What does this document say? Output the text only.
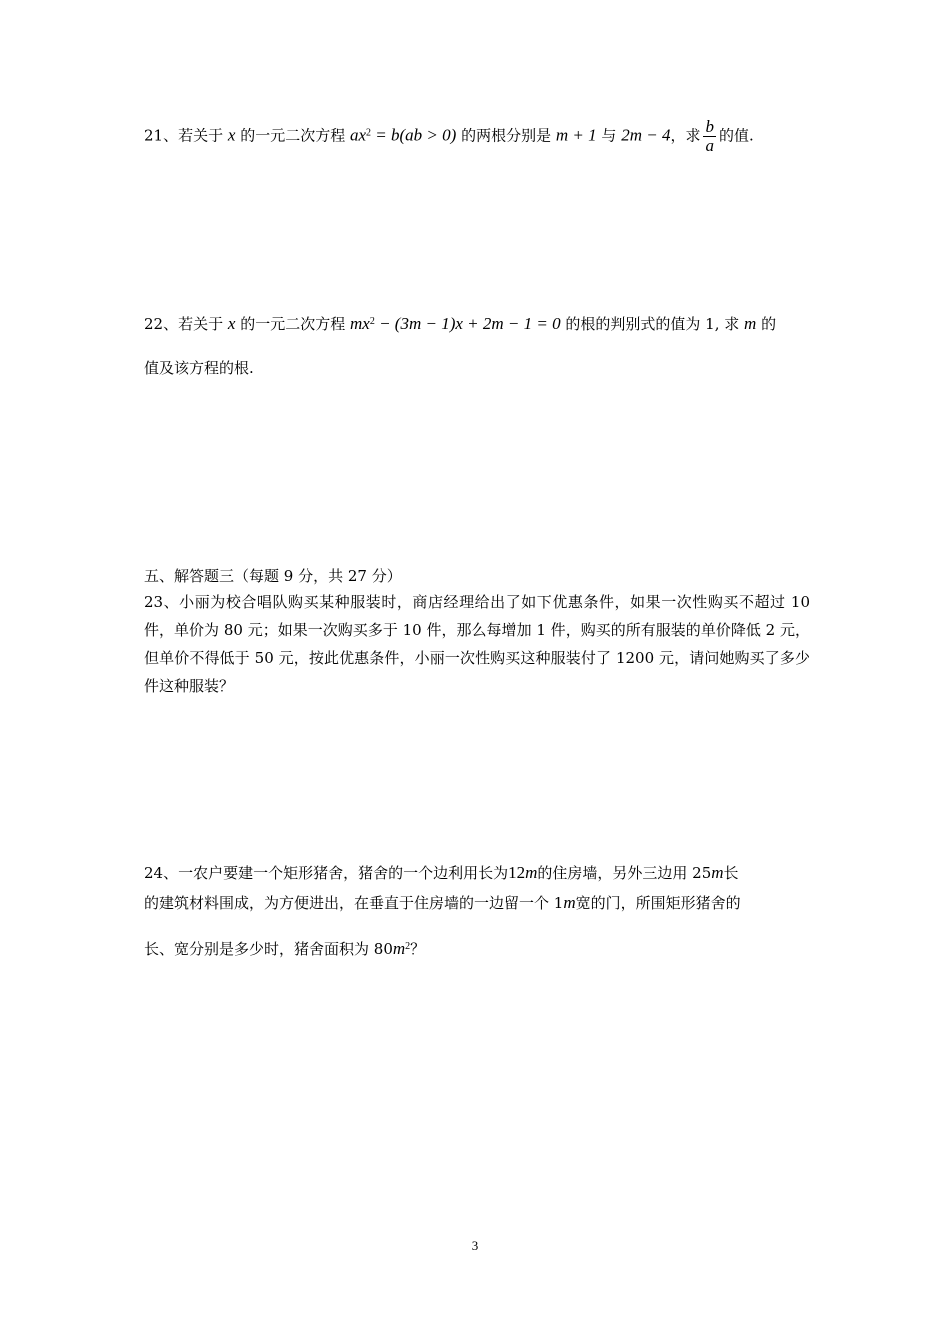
21、若关于 x 的一元二次方程 $ax^2 = b(ab > 0)$ 的两根分别是 m + 1 与 2m − 4，求 $\frac{b}{a}$ 的值.
22、若关于 x 的一元二次方程 $mx^2 - (3m - 1)x + 2m - 1 = 0$ 的根的判别式的值为 1, 求 m 的
值及该方程的根.
五、解答题三（每题 9 分，共 27 分）
23、小丽为校合唱队购买某种服装时，商店经理给出了如下优惠条件，如果一次性购买不超过 10 件，单价为 80 元；如果一次购买多于 10 件，那么每增加 1 件，购买的所有服装的单价降低 2 元，但单价不得低于 50 元，按此优惠条件，小丽一次性购买这种服装付了 1200 元，请问她购买了多少件这种服装？
24、一农户要建一个矩形猪舍，猪舍的一个边利用长为12m的住房墙，另外三边用 25m长
的建筑材料围成，为方便进出，在垂直于住房墙的一边留一个 1m宽的门，所围矩形猪舍的
长、宽分别是多少时，猪舍面积为 $80m^2$？
3
